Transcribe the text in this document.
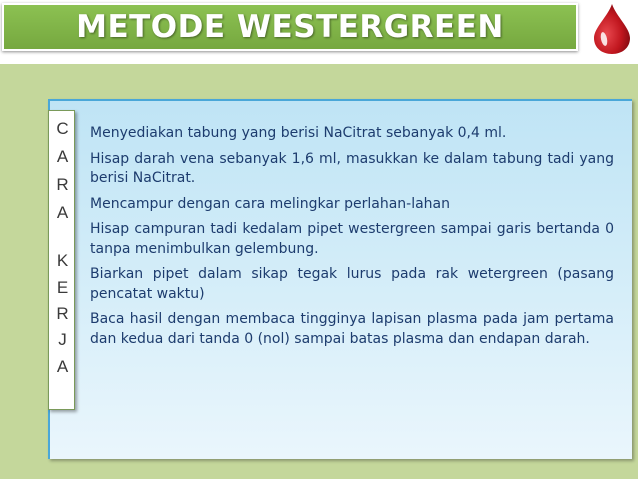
METODE WESTERGREEN
C
A
R
A
K
E
R
J
A
Menyediakan tabung yang berisi NaCitrat sebanyak 0,4 ml.
Hisap darah vena sebanyak 1,6 ml, masukkan ke dalam tabung tadi yang berisi NaCitrat.
Mencampur dengan cara melingkar perlahan-lahan
Hisap campuran tadi kedalam pipet westergreen sampai garis bertanda 0 tanpa menimbulkan gelembung.
Biarkan pipet dalam sikap tegak lurus pada rak wetergreen (pasang pencatat waktu)
Baca hasil dengan membaca tingginya lapisan plasma pada jam pertama dan kedua dari tanda 0 (nol) sampai batas plasma dan endapan darah.
